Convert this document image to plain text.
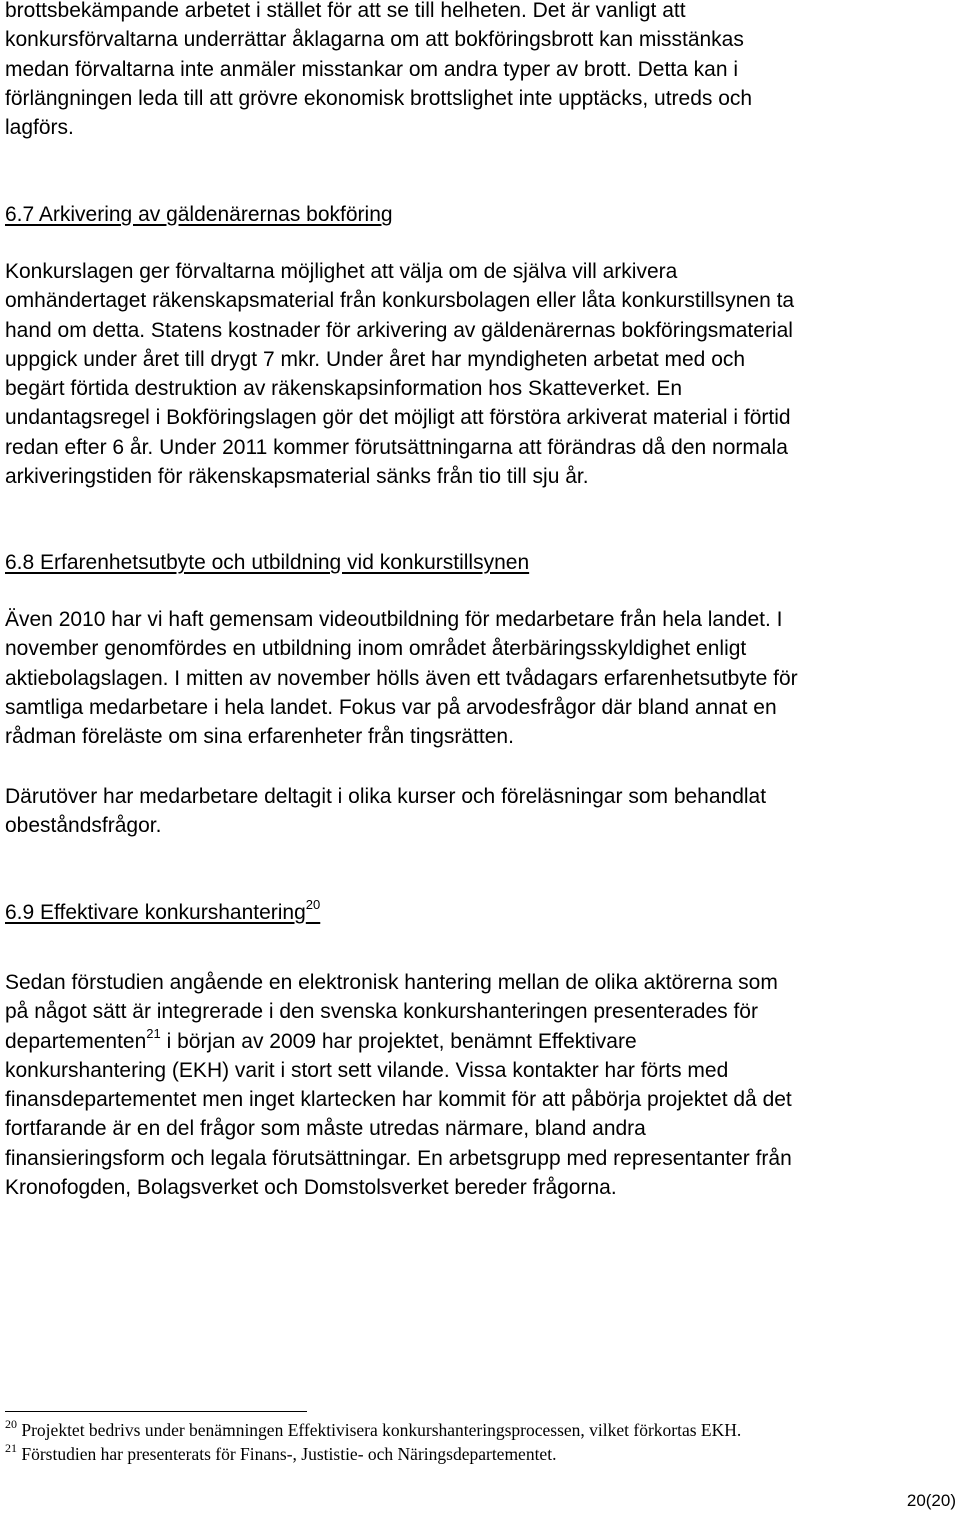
brottsbekämpande arbetet i stället för att se till helheten. Det är vanligt att
konkursförvaltarna underrättar åklagarna om att bokföringsbrott kan misstänkas
medan förvaltarna inte anmäler misstankar om andra typer av brott. Detta kan i
förlängningen leda till att grövre ekonomisk brottslighet inte upptäcks, utreds och
lagförs.

6.7 Arkivering av gäldenärernas bokföring

Konkurslagen ger förvaltarna möjlighet att välja om de själva vill arkivera
omhändertaget räkenskapsmaterial från konkursbolagen eller låta konkurstillsynen ta
hand om detta. Statens kostnader för arkivering av gäldenärernas bokföringsmaterial
uppgick under året till drygt 7 mkr. Under året har myndigheten arbetat med och
begärt förtida destruktion av räkenskapsinformation hos Skatteverket. En
undantagsregel i Bokföringslagen gör det möjligt att förstöra arkiverat material i förtid
redan efter 6 år. Under 2011 kommer förutsättningarna att förändras då den normala
arkiveringstiden för räkenskapsmaterial sänks från tio till sju år.

6.8 Erfarenhetsutbyte och utbildning vid konkurstillsynen

Även 2010 har vi haft gemensam videoutbildning för medarbetare från hela landet. I
november genomfördes en utbildning inom området återbäringsskyldighet enligt
aktiebolagslagen. I mitten av november hölls även ett tvådagars erfarenhetsutbyte för
samtliga medarbetare i hela landet. Fokus var på arvodesfrågor där bland annat en
rådman föreläste om sina erfarenheter från tingsrätten.

Därutöver har medarbetare deltagit i olika kurser och föreläsningar som behandlat
obeståndsfrågor.

6.9 Effektivare konkurshantering$^{20}$

Sedan förstudien angående en elektronisk hantering mellan de olika aktörerna som
på något sätt är integrerade i den svenska konkurshanteringen presenterades för
departementen$^{21}$ i början av 2009 har projektet, benämnt Effektivare
konkurshantering (EKH) varit i stort sett vilande. Vissa kontakter har förts med
finansdepartementet men inget klartecken har kommit för att påbörja projektet då det
fortfarande är en del frågor som måste utredas närmare, bland andra
finansieringsform och legala förutsättningar. En arbetsgrupp med representanter från
Kronofogden, Bolagsverket och Domstolsverket bereder frågorna.

$^{20}$ Projektet bedrivs under benämningen Effektivisera konkurshanteringsprocessen, vilket förkortas EKH.
$^{21}$ Förstudien har presenterats för Finans-, Justistie- och Näringsdepartementet.
20(20)
